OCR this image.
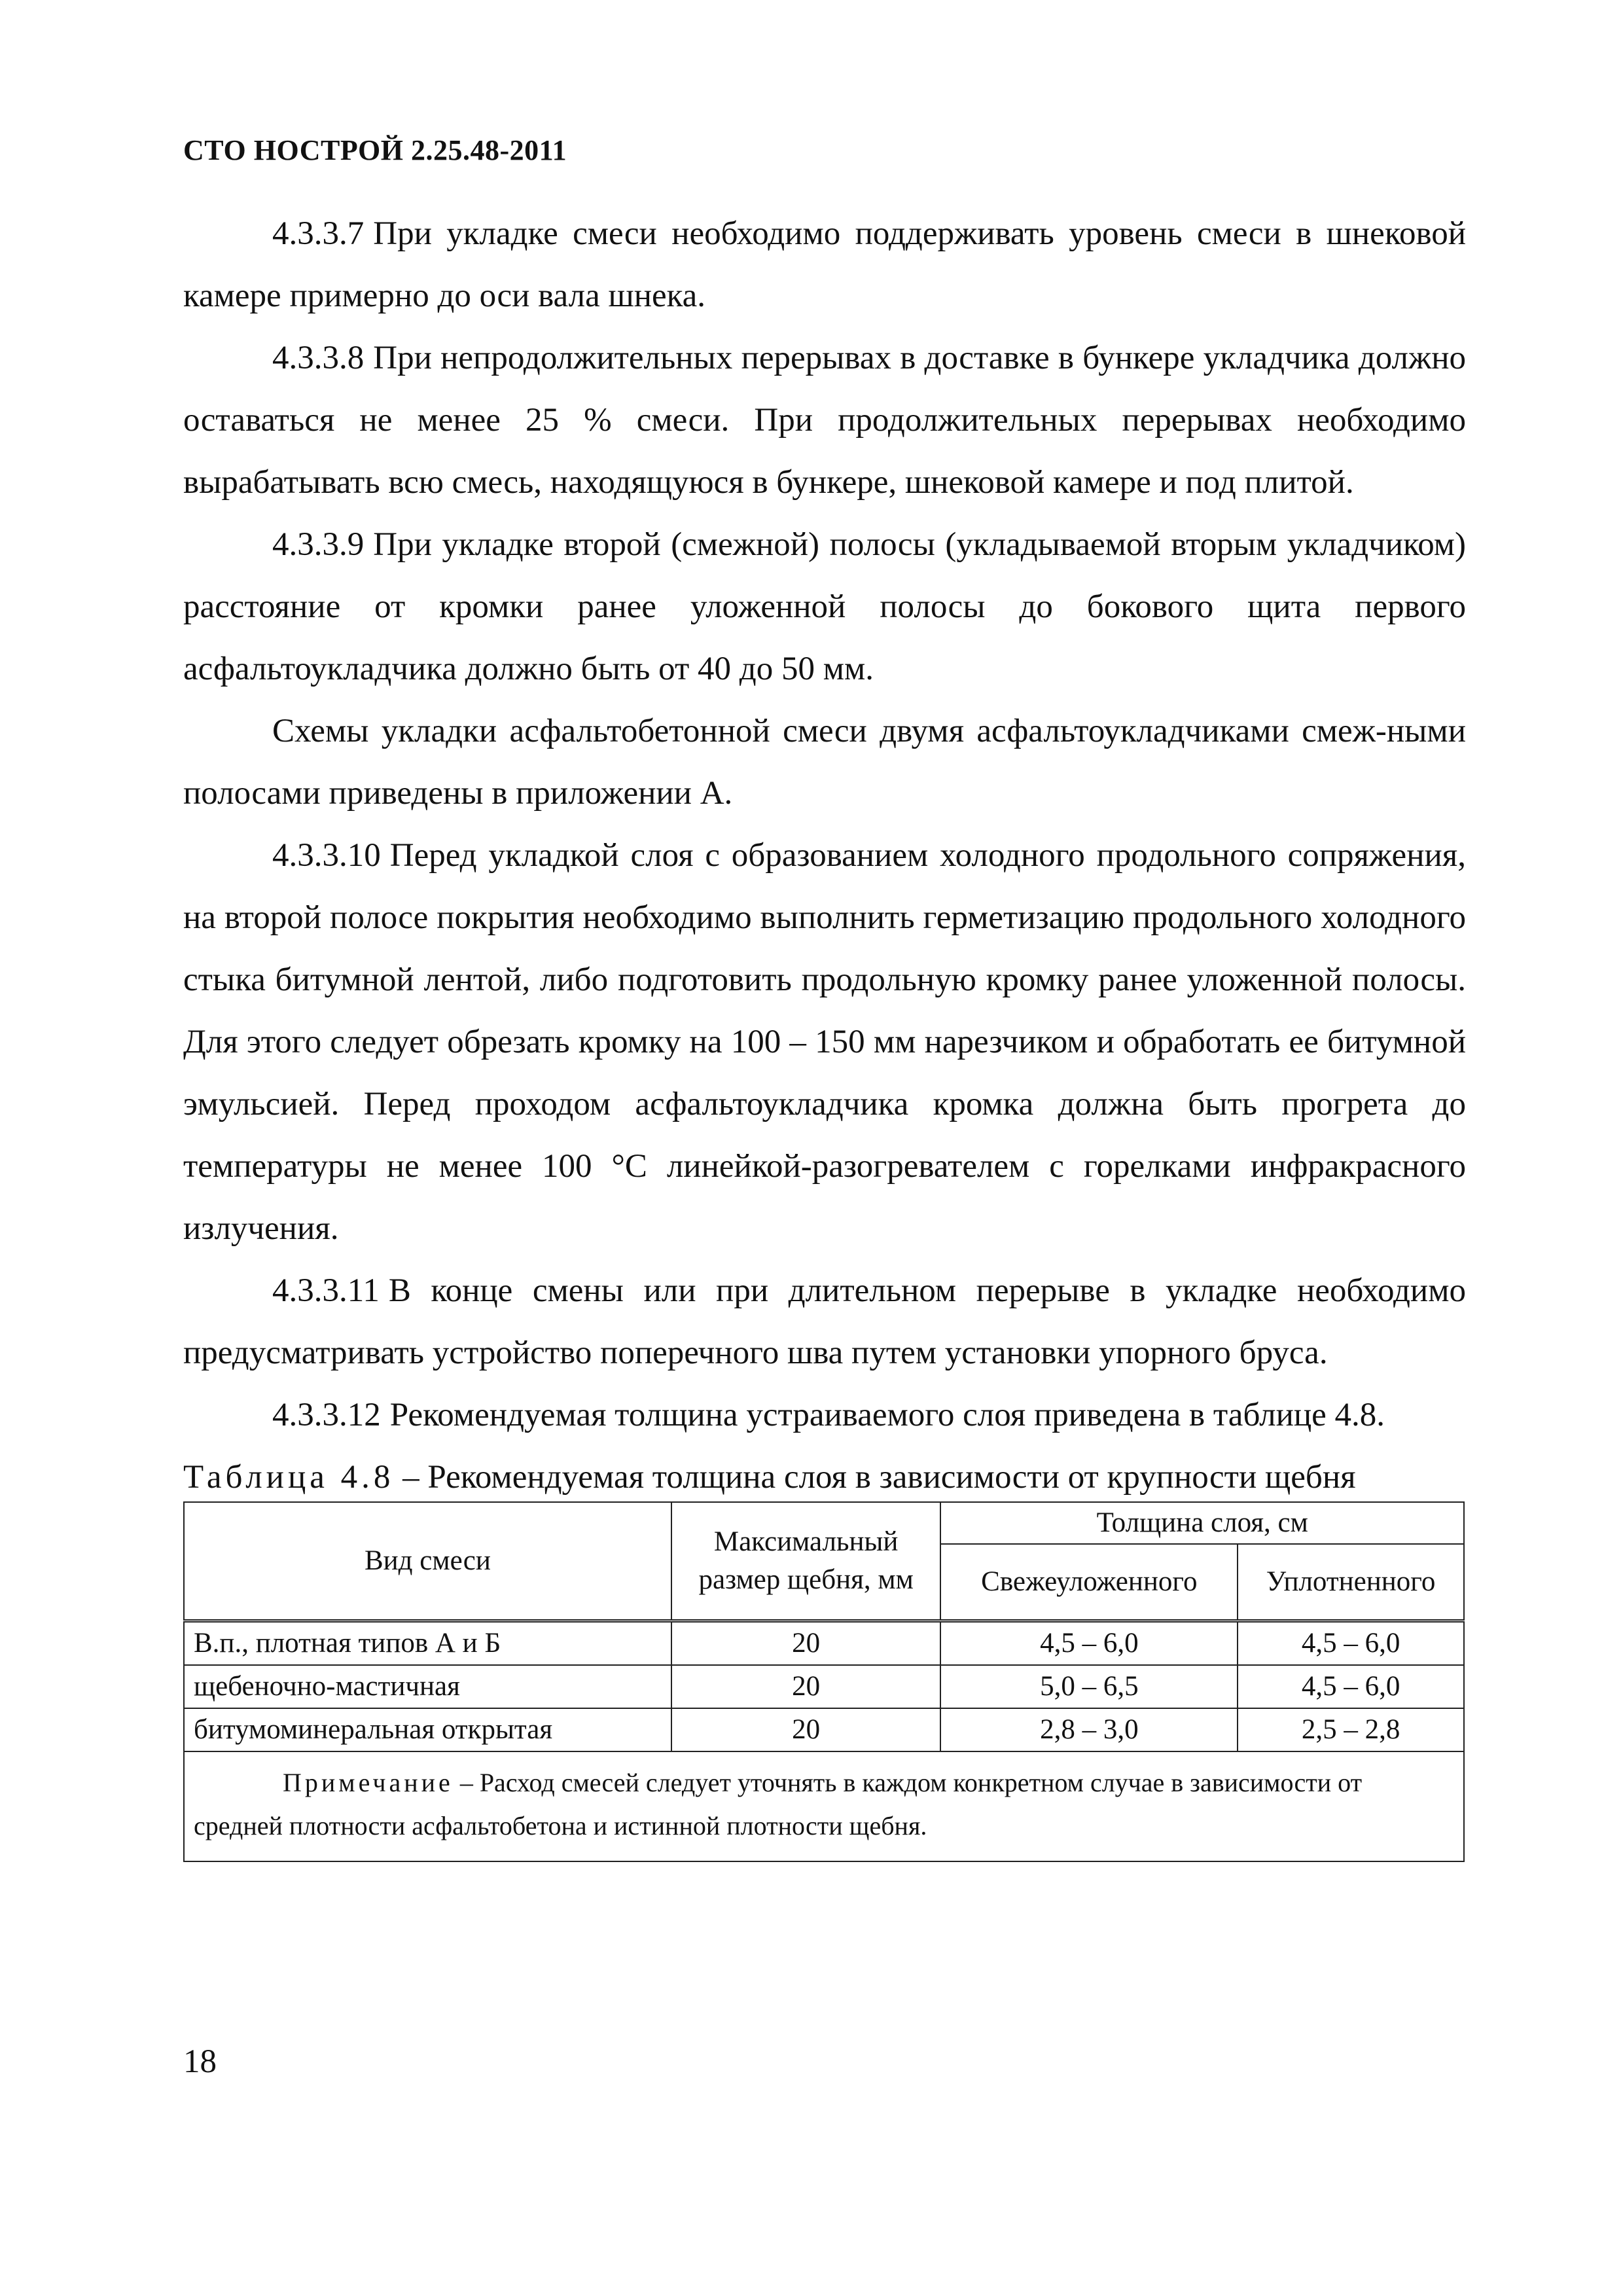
СТО НОСТРОЙ 2.25.48-2011

4.3.3.7 При укладке смеси необходимо поддерживать уровень смеси в шнековой камере примерно до оси вала шнека.

4.3.3.8 При непродолжительных перерывах в доставке в бункере укладчика должно оставаться не менее 25 % смеси. При продолжительных перерывах необходимо вырабатывать всю смесь, находящуюся в бункере, шнековой камере и под плитой.

4.3.3.9 При укладке второй (смежной) полосы (укладываемой вторым укладчиком) расстояние от кромки ранее уложенной полосы до бокового щита первого асфальтоукладчика должно быть от 40 до 50 мм.

Схемы укладки асфальтобетонной смеси двумя асфальтоукладчиками смеж-ными полосами приведены в приложении А.

4.3.3.10 Перед укладкой слоя с образованием холодного продольного сопряжения, на второй полосе покрытия необходимо выполнить герметизацию продольного холодного стыка битумной лентой, либо подготовить продольную кромку ранее уложенной полосы. Для этого следует обрезать кромку на 100 – 150 мм нарезчиком и обработать ее битумной эмульсией. Перед проходом асфальтоукладчика кромка должна быть прогрета до температуры не менее 100 °С линейкой-разогревателем с горелками инфракрасного излучения.

4.3.3.11 В конце смены или при длительном перерыве в укладке необходимо предусматривать устройство поперечного шва путем установки упорного бруса.

4.3.3.12 Рекомендуемая толщина устраиваемого слоя приведена в таблице 4.8.

Таблица 4.8 – Рекомендуемая толщина слоя в зависимости от крупности щебня
Вид смеси	Максимальный размер щебня, мм	Толщина слоя, см	
		Свежеуложенного	Уплотненного
В.п., плотная типов А и Б	20	4,5 – 6,0	4,5 – 6,0
щебеночно-мастичная	20	5,0 – 6,5	4,5 – 6,0
битумоминеральная открытая	20	2,8 – 3,0	2,5 – 2,8
Примечание – Расход смесей следует уточнять в каждом конкретном случае в зависимости от средней плотности асфальтобетона и истинной плотности щебня.			
18
